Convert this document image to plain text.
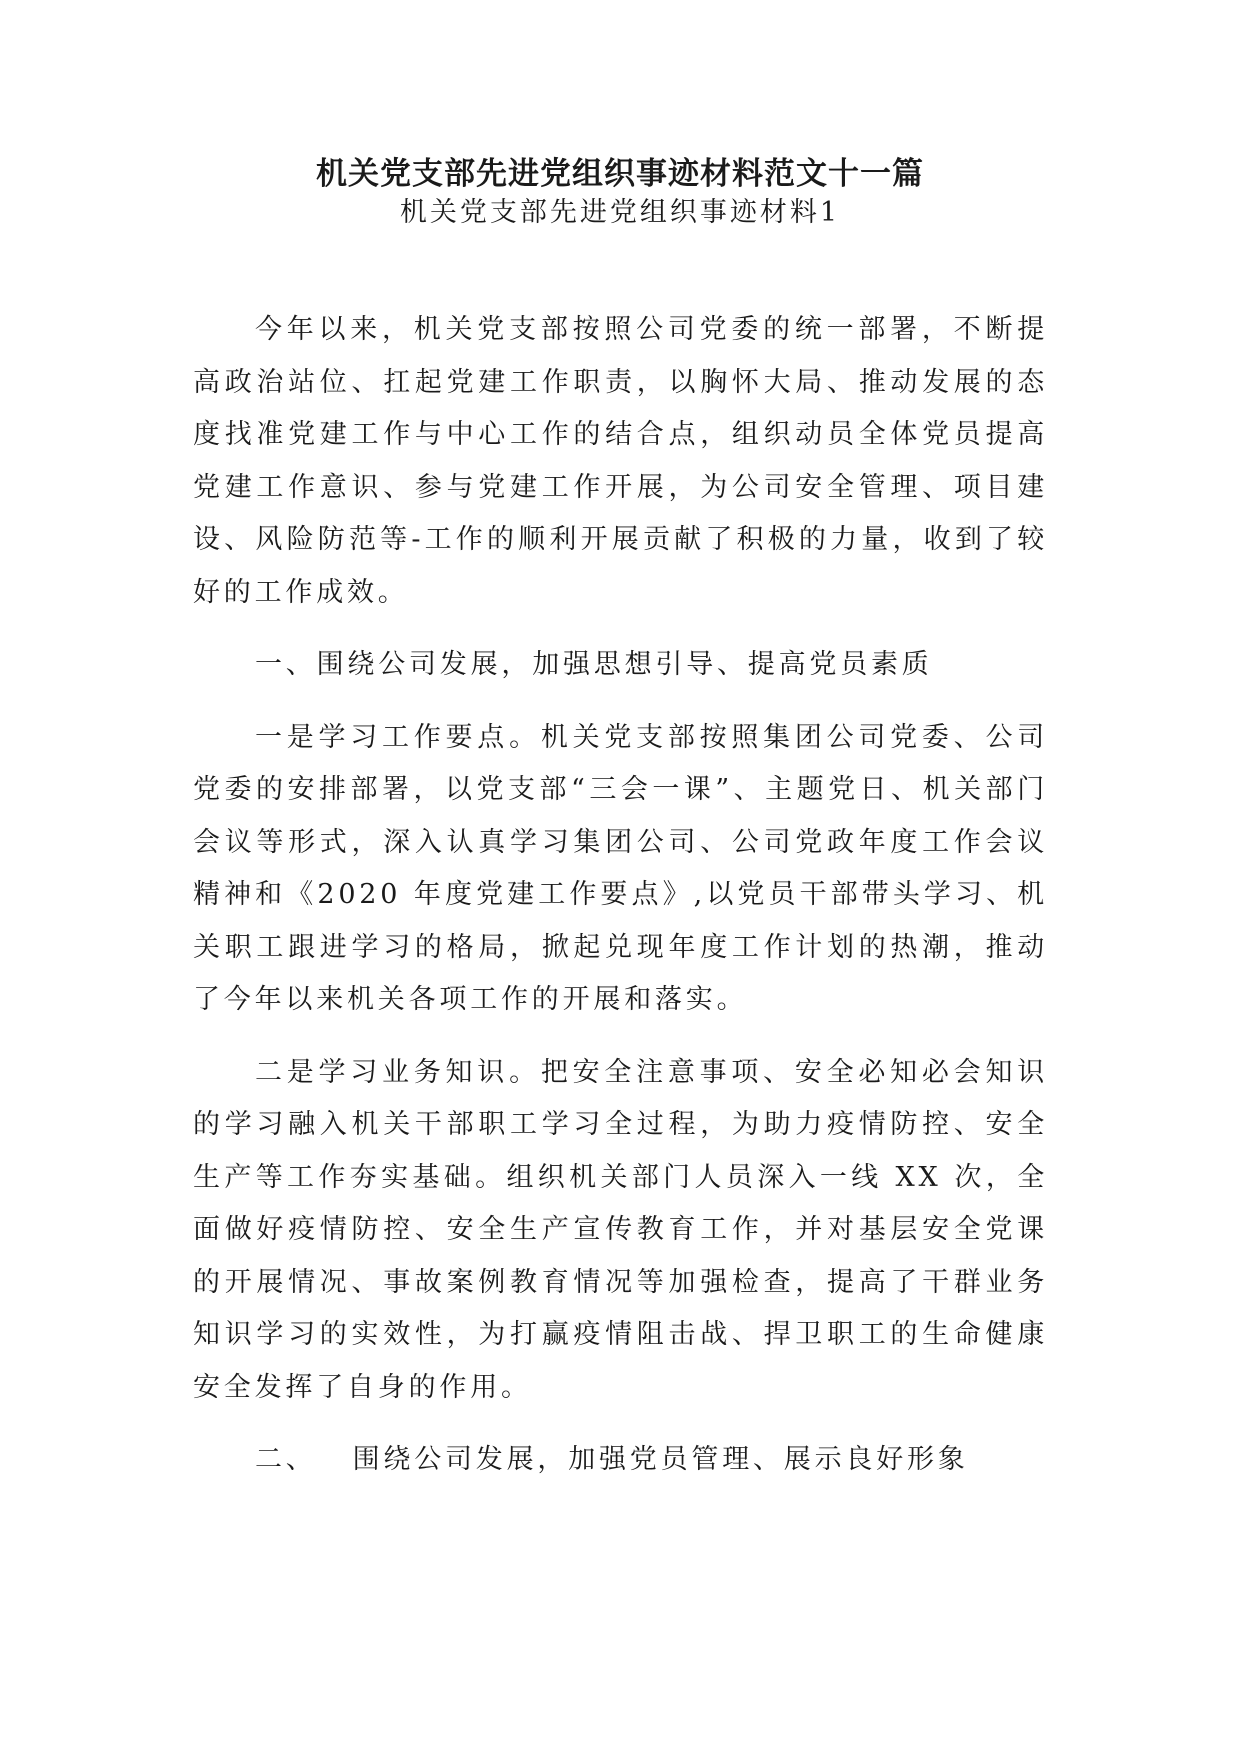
机关党支部先进党组织事迹材料范文十一篇
机关党支部先进党组织事迹材料1

今年以来，机关党支部按照公司党委的统一部署，不断提高政治站位、扛起党建工作职责，以胸怀大局、推动发展的态度找准党建工作与中心工作的结合点，组织动员全体党员提高党建工作意识、参与党建工作开展，为公司安全管理、项目建设、风险防范等-工作的顺利开展贡献了积极的力量，收到了较好的工作成效。

一、围绕公司发展，加强思想引导、提高党员素质

一是学习工作要点。机关党支部按照集团公司党委、公司党委的安排部署，以党支部“三会一课”、主题党日、机关部门会议等形式，深入认真学习集团公司、公司党政年度工作会议精神和《2020 年度党建工作要点》,以党员干部带头学习、机关职工跟进学习的格局，掀起兑现年度工作计划的热潮，推动了今年以来机关各项工作的开展和落实。

二是学习业务知识。把安全注意事项、安全必知必会知识的学习融入机关干部职工学习全过程，为助力疫情防控、安全生产等工作夯实基础。组织机关部门人员深入一线 XX 次，全面做好疫情防控、安全生产宣传教育工作，并对基层安全党课的开展情况、事故案例教育情况等加强检查，提高了干群业务知识学习的实效性，为打赢疫情阻击战、捍卫职工的生命健康安全发挥了自身的作用。

二、 围绕公司发展，加强党员管理、展示良好形象
